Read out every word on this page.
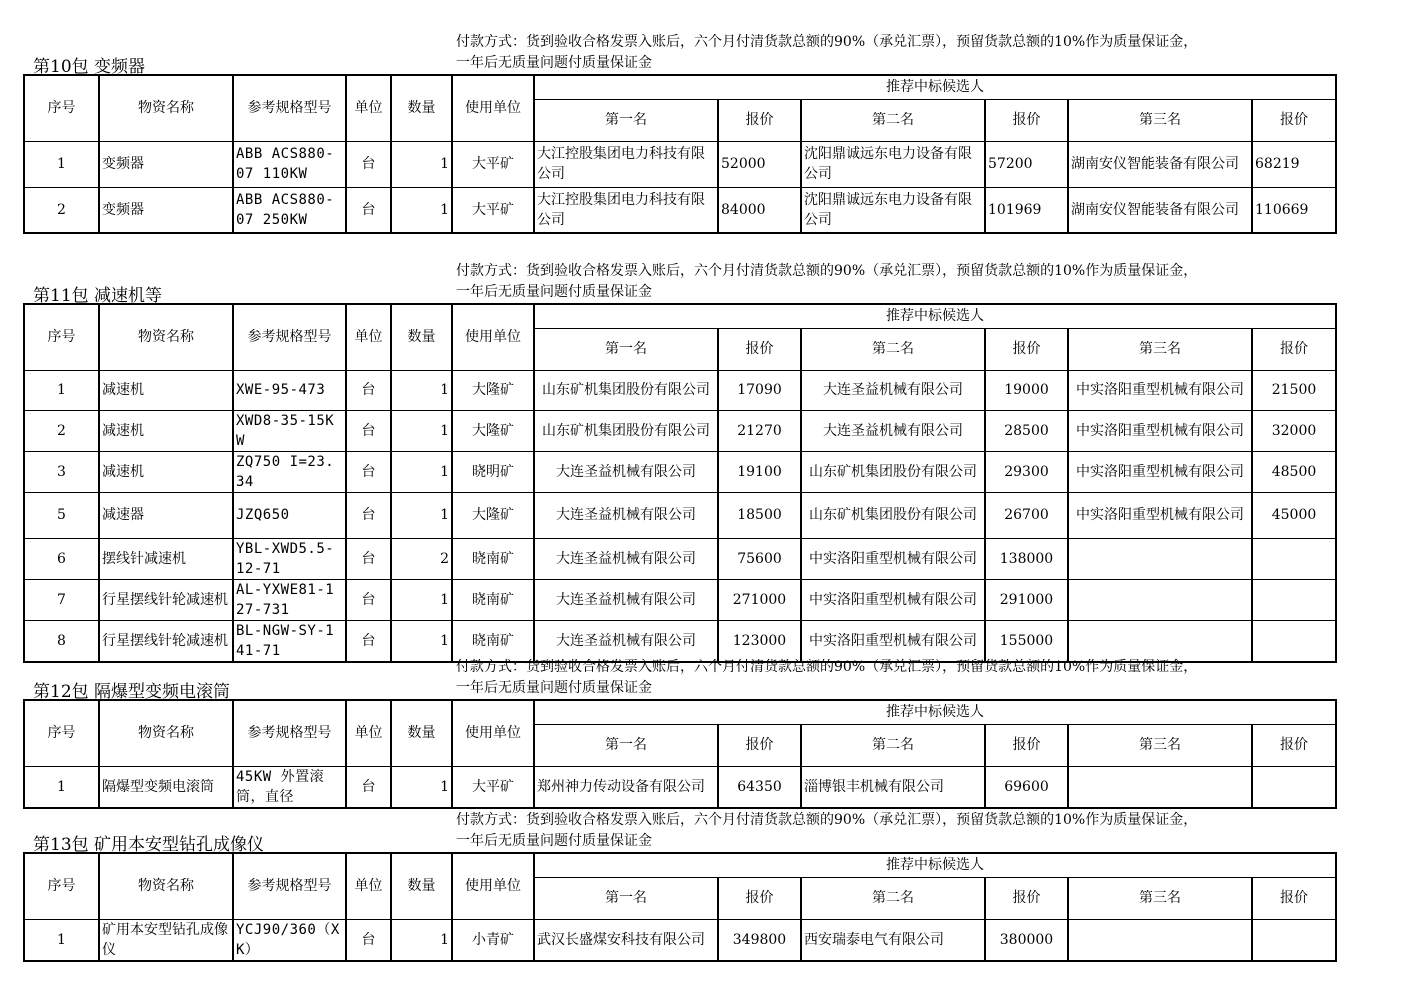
付款方式：货到验收合格发票入账后，六个月付清货款总额的90%（承兑汇票），预留货款总额的10%作为质量保证金，
一年后无质量问题付质量保证金
第10包 变频器
序号	物资名称	参考规格型号	单位	数量	使用单位	推荐中标候选人					
						第一名	报价	第二名	报价	第三名	报价
1	变频器	ABB ACS880-07 110KW	台	1	大平矿	大江控股集团电力科技有限公司	52000	沈阳鼎诚远东电力设备有限公司	57200	湖南安仪智能装备有限公司	68219
2	变频器	ABB ACS880-07 250KW	台	1	大平矿	大江控股集团电力科技有限公司	84000	沈阳鼎诚远东电力设备有限公司	101969	湖南安仪智能装备有限公司	110669
付款方式：货到验收合格发票入账后，六个月付清货款总额的90%（承兑汇票），预留货款总额的10%作为质量保证金，
一年后无质量问题付质量保证金
第11包 减速机等
序号	物资名称	参考规格型号	单位	数量	使用单位	推荐中标候选人					
						第一名	报价	第二名	报价	第三名	报价
1	减速机	XWE-95-473	台	1	大隆矿	山东矿机集团股份有限公司	17090	大连圣益机械有限公司	19000	中实洛阳重型机械有限公司	21500
2	减速机	XWD8-35-15KW	台	1	大隆矿	山东矿机集团股份有限公司	21270	大连圣益机械有限公司	28500	中实洛阳重型机械有限公司	32000
3	减速机	ZQ750 I=23.34	台	1	晓明矿	大连圣益机械有限公司	19100	山东矿机集团股份有限公司	29300	中实洛阳重型机械有限公司	48500
5	减速器	JZQ650	台	1	大隆矿	大连圣益机械有限公司	18500	山东矿机集团股份有限公司	26700	中实洛阳重型机械有限公司	45000
6	摆线针减速机	YBL-XWD5.5-12-71	台	2	晓南矿	大连圣益机械有限公司	75600	中实洛阳重型机械有限公司	138000		
7	行星摆线针轮减速机	AL-YXWE81-127-731	台	1	晓南矿	大连圣益机械有限公司	271000	中实洛阳重型机械有限公司	291000		
8	行星摆线针轮减速机	BL-NGW-SY-141-71	台	1	晓南矿	大连圣益机械有限公司	123000	中实洛阳重型机械有限公司	155000		
付款方式：货到验收合格发票入账后，六个月付清货款总额的90%（承兑汇票），预留货款总额的10%作为质量保证金，
一年后无质量问题付质量保证金
第12包 隔爆型变频电滚筒
序号	物资名称	参考规格型号	单位	数量	使用单位	推荐中标候选人					
						第一名	报价	第二名	报价	第三名	报价
1	隔爆型变频电滚筒	45KW 外置滚筒，直径	台	1	大平矿	郑州神力传动设备有限公司	64350	淄博银丰机械有限公司	69600		
付款方式：货到验收合格发票入账后，六个月付清货款总额的90%（承兑汇票），预留货款总额的10%作为质量保证金，
一年后无质量问题付质量保证金
第13包 矿用本安型钻孔成像仪
序号	物资名称	参考规格型号	单位	数量	使用单位	推荐中标候选人					
						第一名	报价	第二名	报价	第三名	报价
1	矿用本安型钻孔成像仪	YCJ90/360（XK）	台	1	小青矿	武汉长盛煤安科技有限公司	349800	西安瑞泰电气有限公司	380000		
